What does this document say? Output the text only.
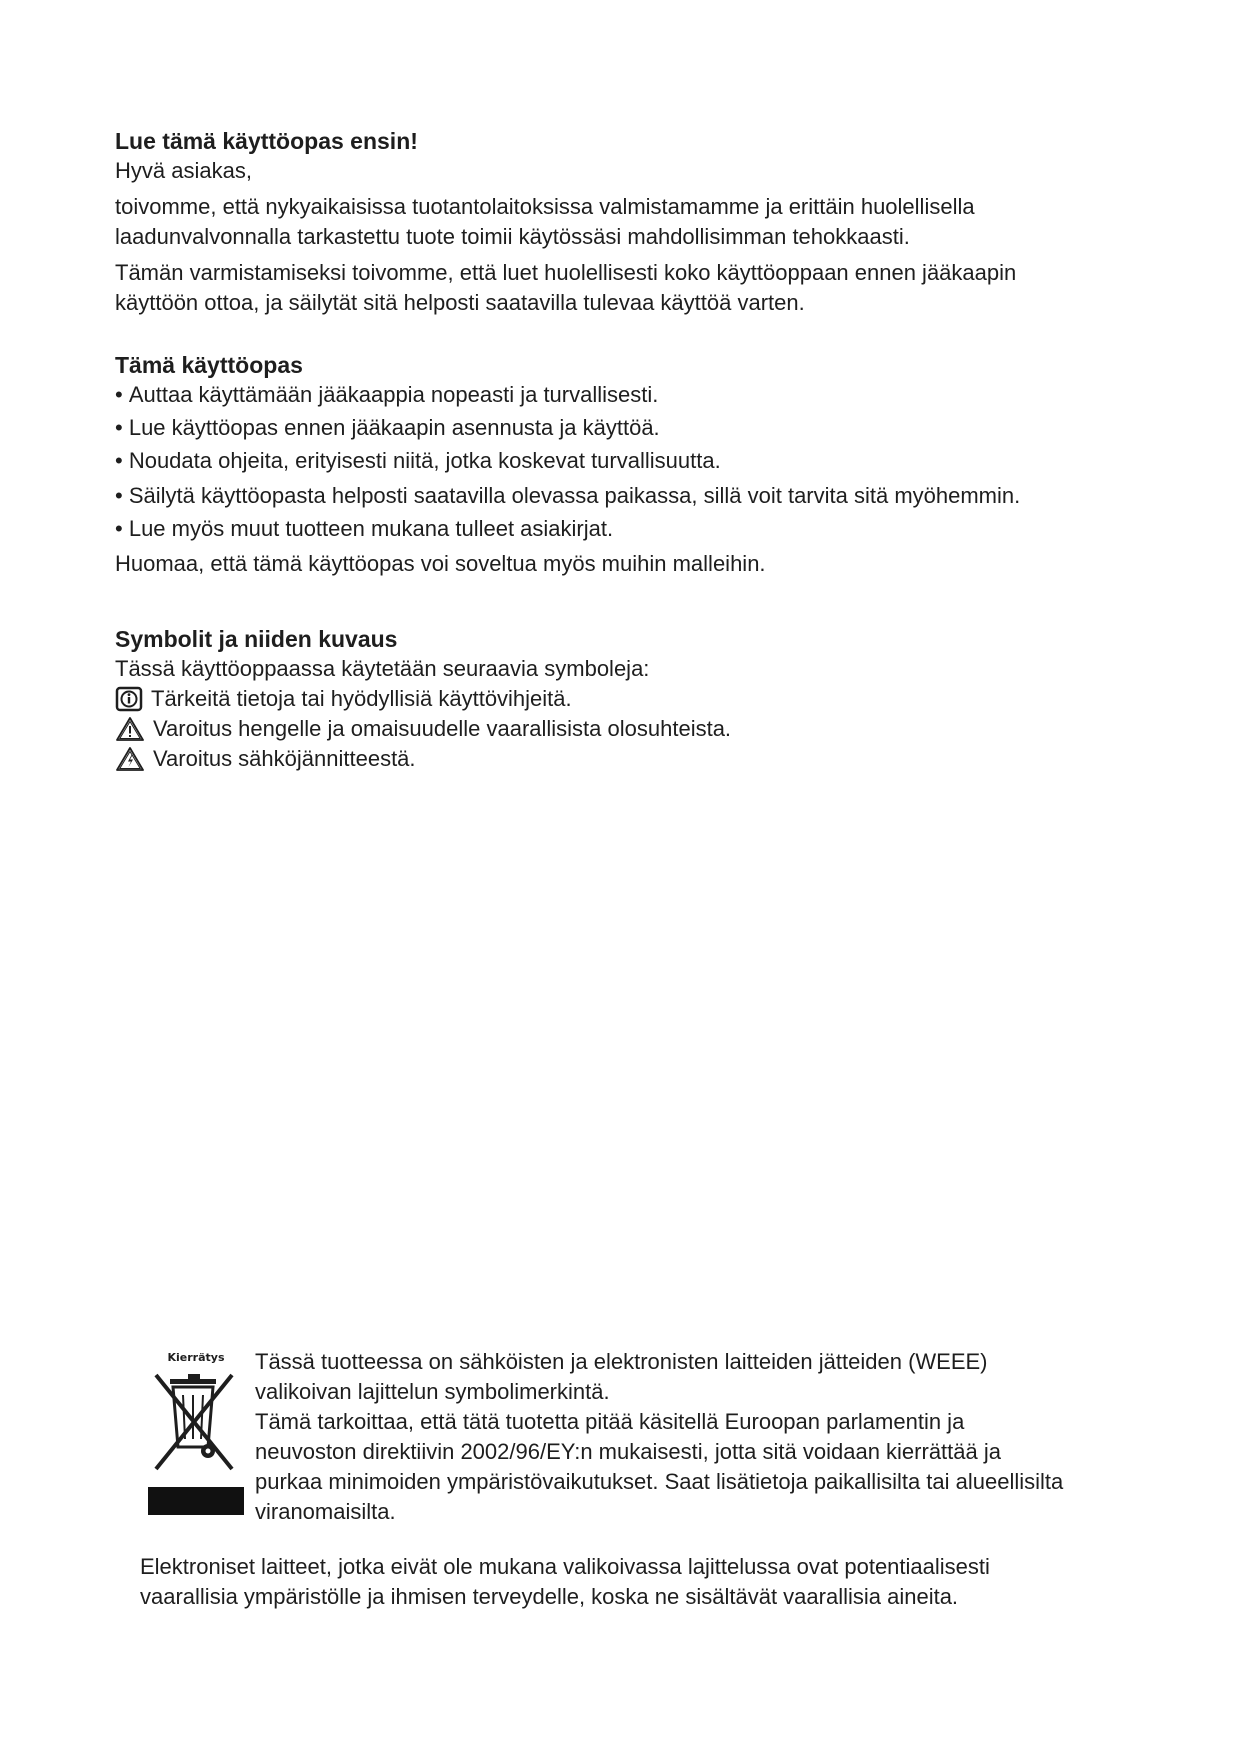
Lue tämä käyttöopas ensin!

Hyvä asiakas,

toivomme, että nykyaikaisissa tuotantolaitoksissa valmistamamme ja erittäin huolellisella

laadunvalvonnalla tarkastettu tuote toimii käytössäsi mahdollisimman tehokkaasti.

Tämän varmistamiseksi toivomme, että luet huolellisesti koko käyttöoppaan ennen jääkaapin

käyttöön ottoa, ja säilytät sitä helposti saatavilla tulevaa käyttöä varten.

Tämä käyttöopas

• Auttaa käyttämään jääkaappia nopeasti ja turvallisesti.

• Lue käyttöopas ennen jääkaapin asennusta ja käyttöä.

• Noudata ohjeita, erityisesti niitä, jotka koskevat turvallisuutta.

• Säilytä käyttöopasta helposti saatavilla olevassa paikassa, sillä voit tarvita sitä myöhemmin.

• Lue myös muut tuotteen mukana tulleet asiakirjat.

Huomaa, että tämä käyttöopas voi soveltua myös muihin malleihin.

Symbolit ja niiden kuvaus

Tässä käyttöoppaassa käytetään seuraavia symboleja:

Tärkeitä tietoja tai hyödyllisiä käyttövihjeitä.
Varoitus hengelle ja omaisuudelle vaarallisista olosuhteista.
Varoitus sähköjännitteestä.
Kierrätys Tässä tuotteessa on sähköisten ja elektronisten laitteiden jätteiden (WEEE)

valikoivan lajittelun symbolimerkintä.

Tämä tarkoittaa, että tätä tuotetta pitää käsitellä Euroopan parlamentin ja

neuvoston direktiivin 2002/96/EY:n mukaisesti, jotta sitä voidaan kierrättää ja

purkaa minimoiden ympäristövaikutukset. Saat lisätietoja paikallisilta tai alueellisilta

viranomaisilta.

Elektroniset laitteet, jotka eivät ole mukana valikoivassa lajittelussa ovat potentiaalisesti

vaarallisia ympäristölle ja ihmisen terveydelle, koska ne sisältävät vaarallisia aineita.
